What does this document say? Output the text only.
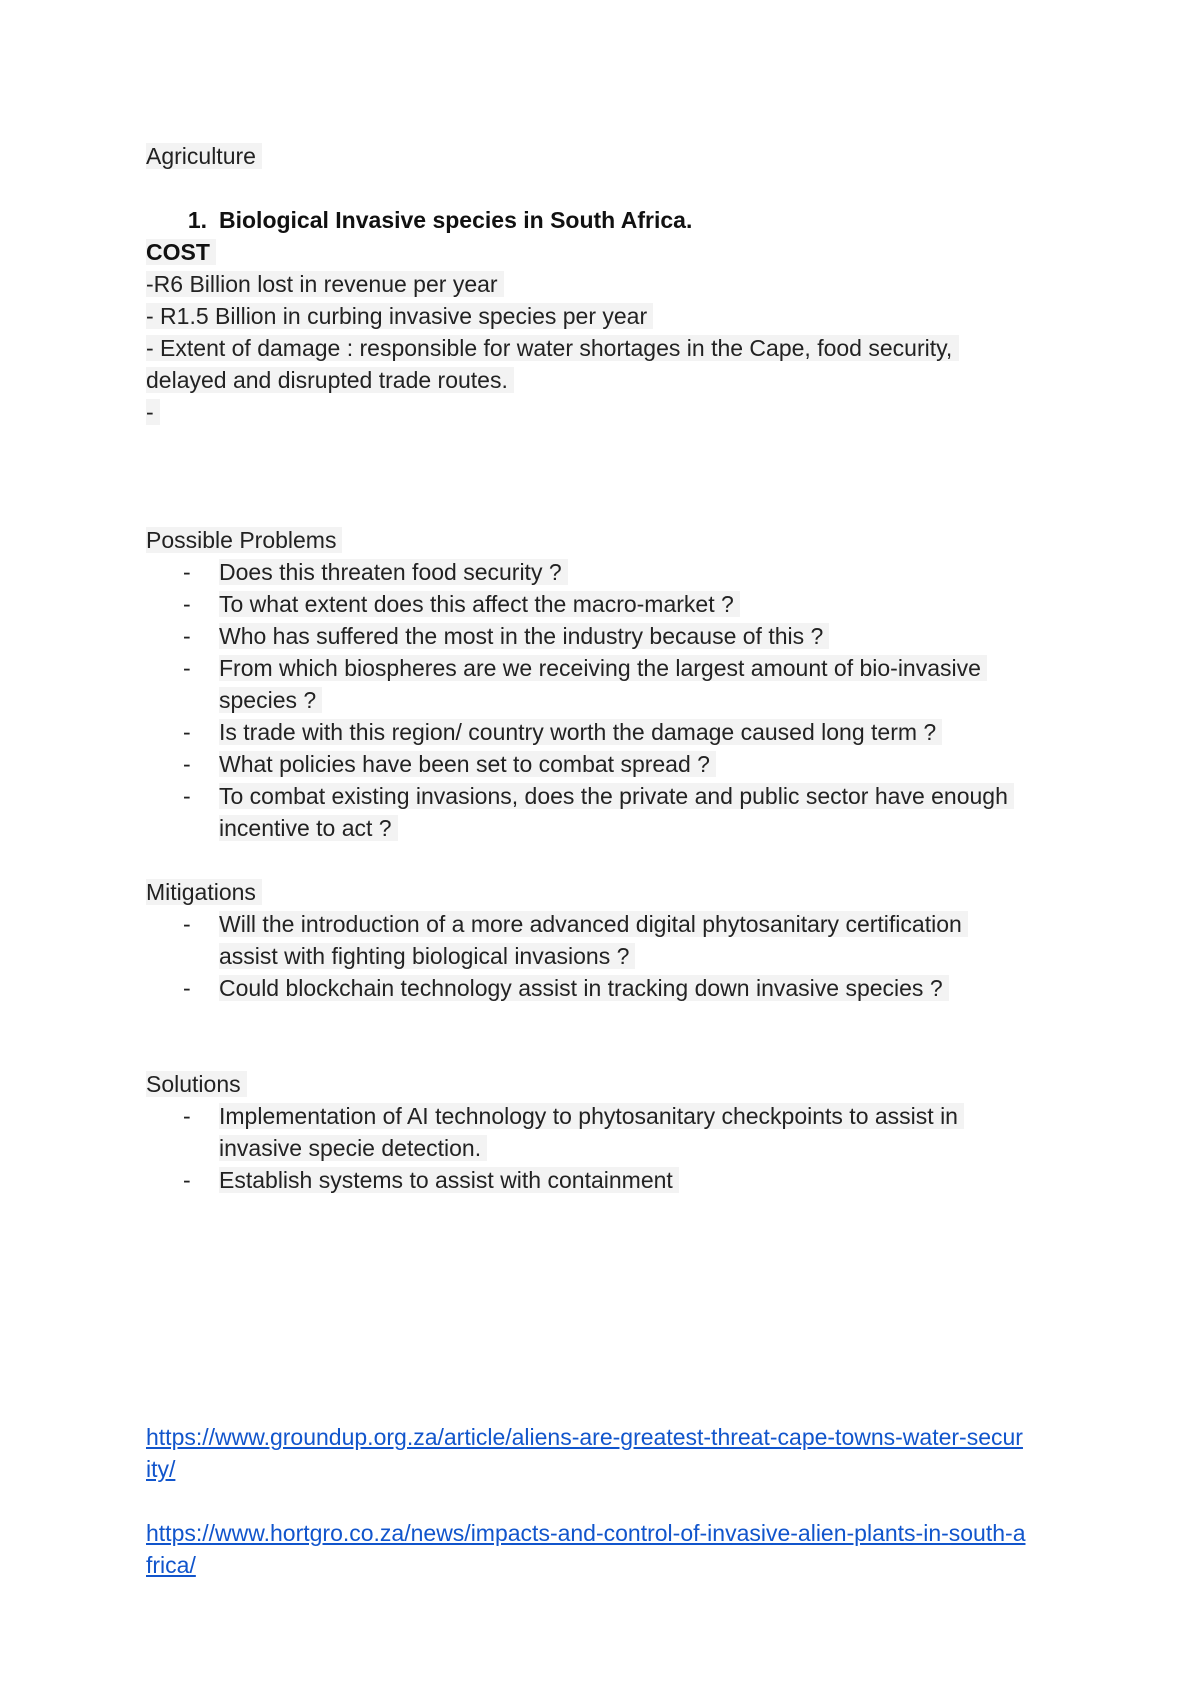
Agriculture
1. Biological Invasive species in South Africa.
COST
-R6 Billion lost in revenue per year
- R1.5 Billion in curbing invasive species per year
- Extent of damage : responsible for water shortages in the Cape, food security, delayed and disrupted trade routes.
-
Possible Problems
-	Does this threaten food security ?
-	To what extent does this affect the macro-market ?
-	Who has suffered the most in the industry because of this ?
-	From which biospheres are we receiving the largest amount of bio-invasive species ?
-	Is trade with this region/ country worth the damage caused long term ?
-	What policies have been set to combat spread ?
-	To combat existing invasions, does the private and public sector have enough incentive to act ?
Mitigations
-	Will the introduction of a more advanced digital phytosanitary certification assist with fighting biological invasions ?
-	Could blockchain technology assist in tracking down invasive species ?
Solutions
-	Implementation of AI technology to phytosanitary checkpoints to assist in invasive specie detection.
-	Establish systems to assist with containment
https://www.groundup.org.za/article/aliens-are-greatest-threat-cape-towns-water-security/
https://www.hortgro.co.za/news/impacts-and-control-of-invasive-alien-plants-in-south-africa/
